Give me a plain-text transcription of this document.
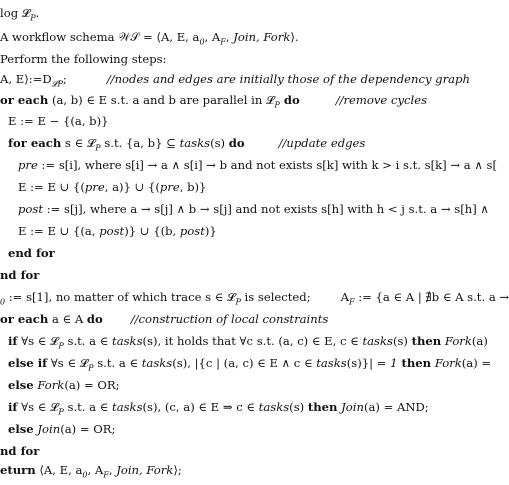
log 𝓛$_P$.
A workflow schema 𝒲𝒮 = ⟨A, E, $a_0$, $A_F$, Join, Fork⟩.
Perform the following steps:
A, $E⟩:=D_{𝓛P}$;	//nodes and edges are initially those of the dependency graph
or each (a, b) ∈ E s.t. a and b are parallel in 𝓛$_P$ do	//remove cycles
E := E − {(a, b)}
for each s ∈ 𝓛$_P$ s.t. {a, b} ⊆ tasks(s) do	//update edges
pre := s[i], where s[i] → a ∧ s[i] → b and not exists s[k] with k > i s.t. s[k] → a ∧ s[
E := E ∪ {(pre, a)} ∪ {(pre, b)}
post := s[j], where a → s[j] ∧ b → s[j] and not exists s[h] with h < j s.t. a → s[h] ∧
E := E ∪ {(a, post)} ∪ {(b, post)}
end for
nd for
$_0$ := s[1], no matter of which trace s ∈ 𝓛$_P$ is selected;	$A_F$ := {a ∈ A | ∄b ∈ A s.t. a →
or each a ∈ A do //construction of local constraints
if ∀s ∈ 𝓛$_P$ s.t. a ∈ tasks(s), it holds that ∀c s.t. (a, c) ∈ E, c ∈ tasks(s) then Fork(a)
else if ∀s ∈ 𝓛$_P$ s.t. a ∈ tasks(s), |{c | (a, c) ∈ E ∧ c ∈ tasks(s)}| = 1 then Fork(a) =
else Fork(a) = OR;
if ∀s ∈ 𝓛$_P$ s.t. a ∈ tasks(s), (c, a) ∈ E ⇒ c ∈ tasks(s) then Join(a) = AND;
else Join(a) = OR;
nd for
eturn ⟨A, E, $a_0$, $A_F$, Join, Fork⟩;
